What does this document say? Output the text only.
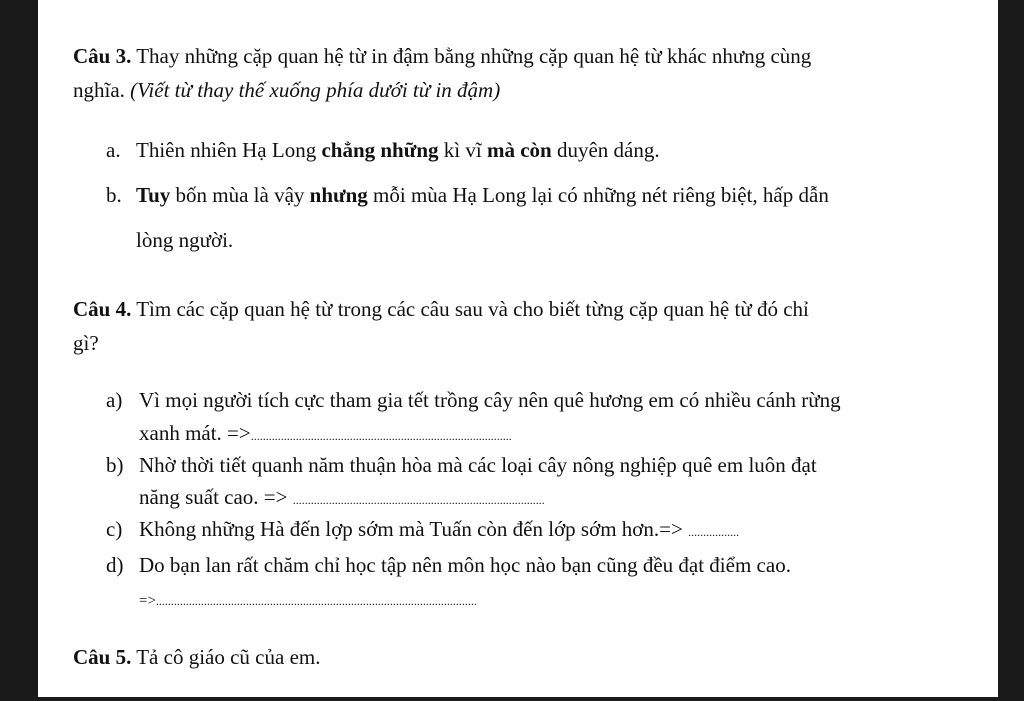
Câu 3. Thay những cặp quan hệ từ in đậm bằng những cặp quan hệ từ khác nhưng cùng
nghĩa. (Viết từ thay thế xuống phía dưới từ in đậm)
a. Thiên nhiên Hạ Long chẳng những kì vĩ mà còn duyên dáng.
b. Tuy bốn mùa là vậy nhưng mỗi mùa Hạ Long lại có những nét riêng biệt, hấp dẫn
lòng người.
Câu 4. Tìm các cặp quan hệ từ trong các câu sau và cho biết từng cặp quan hệ từ đó chỉ
gì?
a) Vì mọi người tích cực tham gia tết trồng cây nên quê hương em có nhiều cánh rừng
xanh mát. =>.......................................................................................
b) Nhờ thời tiết quanh năm thuận hòa mà các loại cây nông nghiệp quê em luôn đạt
năng suất cao. => ....................................................................................
c) Không những Hà đến lợp sớm mà Tuấn còn đến lớp sớm hơn.=> .................
d) Do bạn lan rất chăm chỉ học tập nên môn học nào bạn cũng đều đạt điểm cao.
=>...........................................................................................................
Câu 5. Tả cô giáo cũ của em.
